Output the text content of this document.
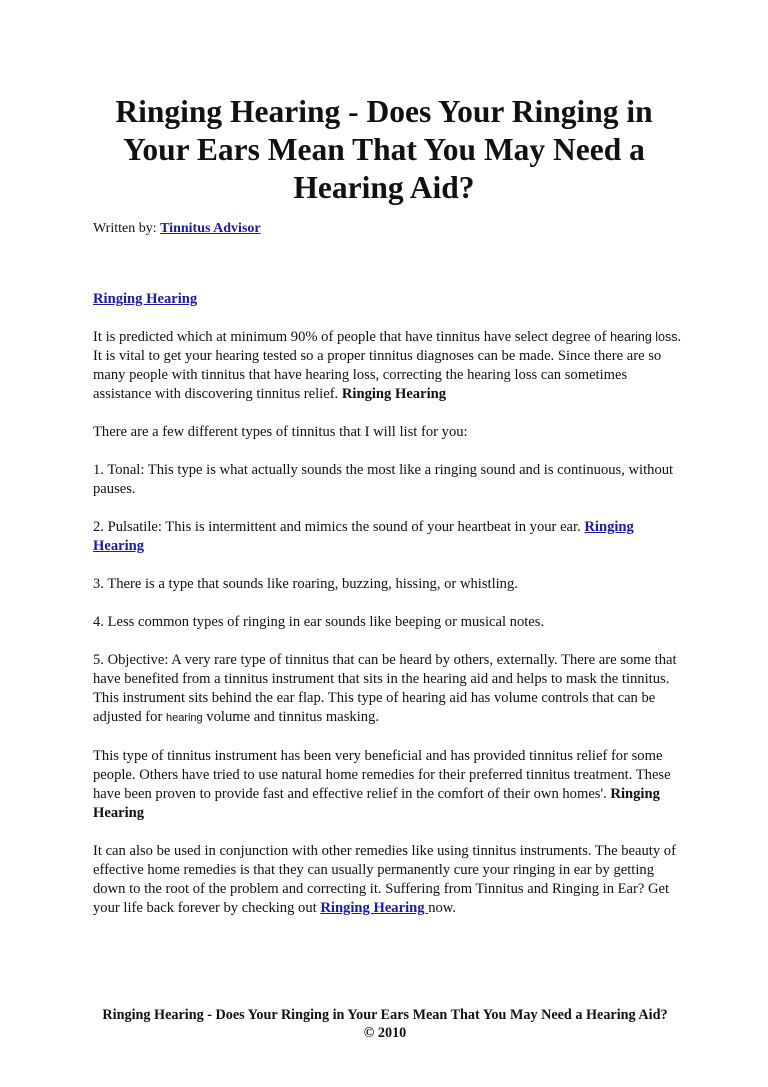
Ringing Hearing - Does Your Ringing in Your Ears Mean That You May Need a Hearing Aid?
Written by: Tinnitus Advisor

Ringing Hearing

It is predicted which at minimum 90% of people that have tinnitus have select degree of hearing loss. It is vital to get your hearing tested so a proper tinnitus diagnoses can be made. Since there are so many people with tinnitus that have hearing loss, correcting the hearing loss can sometimes assistance with discovering tinnitus relief. Ringing Hearing

There are a few different types of tinnitus that I will list for you:

1. Tonal: This type is what actually sounds the most like a ringing sound and is continuous, without pauses.

2. Pulsatile: This is intermittent and mimics the sound of your heartbeat in your ear. Ringing Hearing

3. There is a type that sounds like roaring, buzzing, hissing, or whistling.

4. Less common types of ringing in ear sounds like beeping or musical notes.

5. Objective: A very rare type of tinnitus that can be heard by others, externally. There are some that have benefited from a tinnitus instrument that sits in the hearing aid and helps to mask the tinnitus. This instrument sits behind the ear flap. This type of hearing aid has volume controls that can be adjusted for hearing volume and tinnitus masking.

This type of tinnitus instrument has been very beneficial and has provided tinnitus relief for some people. Others have tried to use natural home remedies for their preferred tinnitus treatment. These have been proven to provide fast and effective relief in the comfort of their own homes'. Ringing Hearing

It can also be used in conjunction with other remedies like using tinnitus instruments. The beauty of effective home remedies is that they can usually permanently cure your ringing in ear by getting down to the root of the problem and correcting it. Suffering from Tinnitus and Ringing in Ear? Get your life back forever by checking out Ringing Hearing now.

Ringing Hearing - Does Your Ringing in Your Ears Mean That You May Need a Hearing Aid? © 2010
